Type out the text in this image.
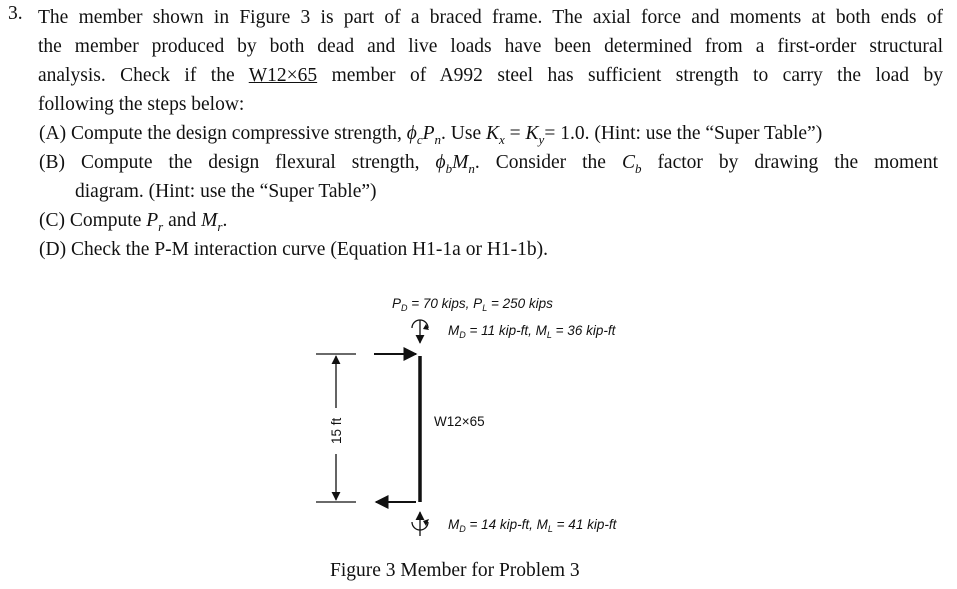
3. The member shown in Figure 3 is part of a braced frame. The axial force and moments at both ends of
the member produced by both dead and live loads have been determined from a first-order structural
analysis. Check if the W12×65 member of A992 steel has sufficient strength to carry the load by
following the steps below:
(A) Compute the design compressive strength, $\phi_cP_n$. Use $K_x = K_y= 1.0$. (Hint: use the “Super Table”)
(B) Compute the design flexural strength, $\phi_bM_n$. Consider the $C_b$ factor by drawing the moment
diagram. (Hint: use the “Super Table”)
(C) Compute $P_r$ and $M_r$.
(D) Check the P-M interaction curve (Equation H1-1a or H1-1b).
$P_D = 70$ kips, $P_L = 250$ kips
$M_D = 11$ kip-ft, $M_L = 36$ kip-ft
W12×65
15 ft
$M_D = 14$ kip-ft, $M_L = 41$ kip-ft
Figure 3 Member for Problem 3
